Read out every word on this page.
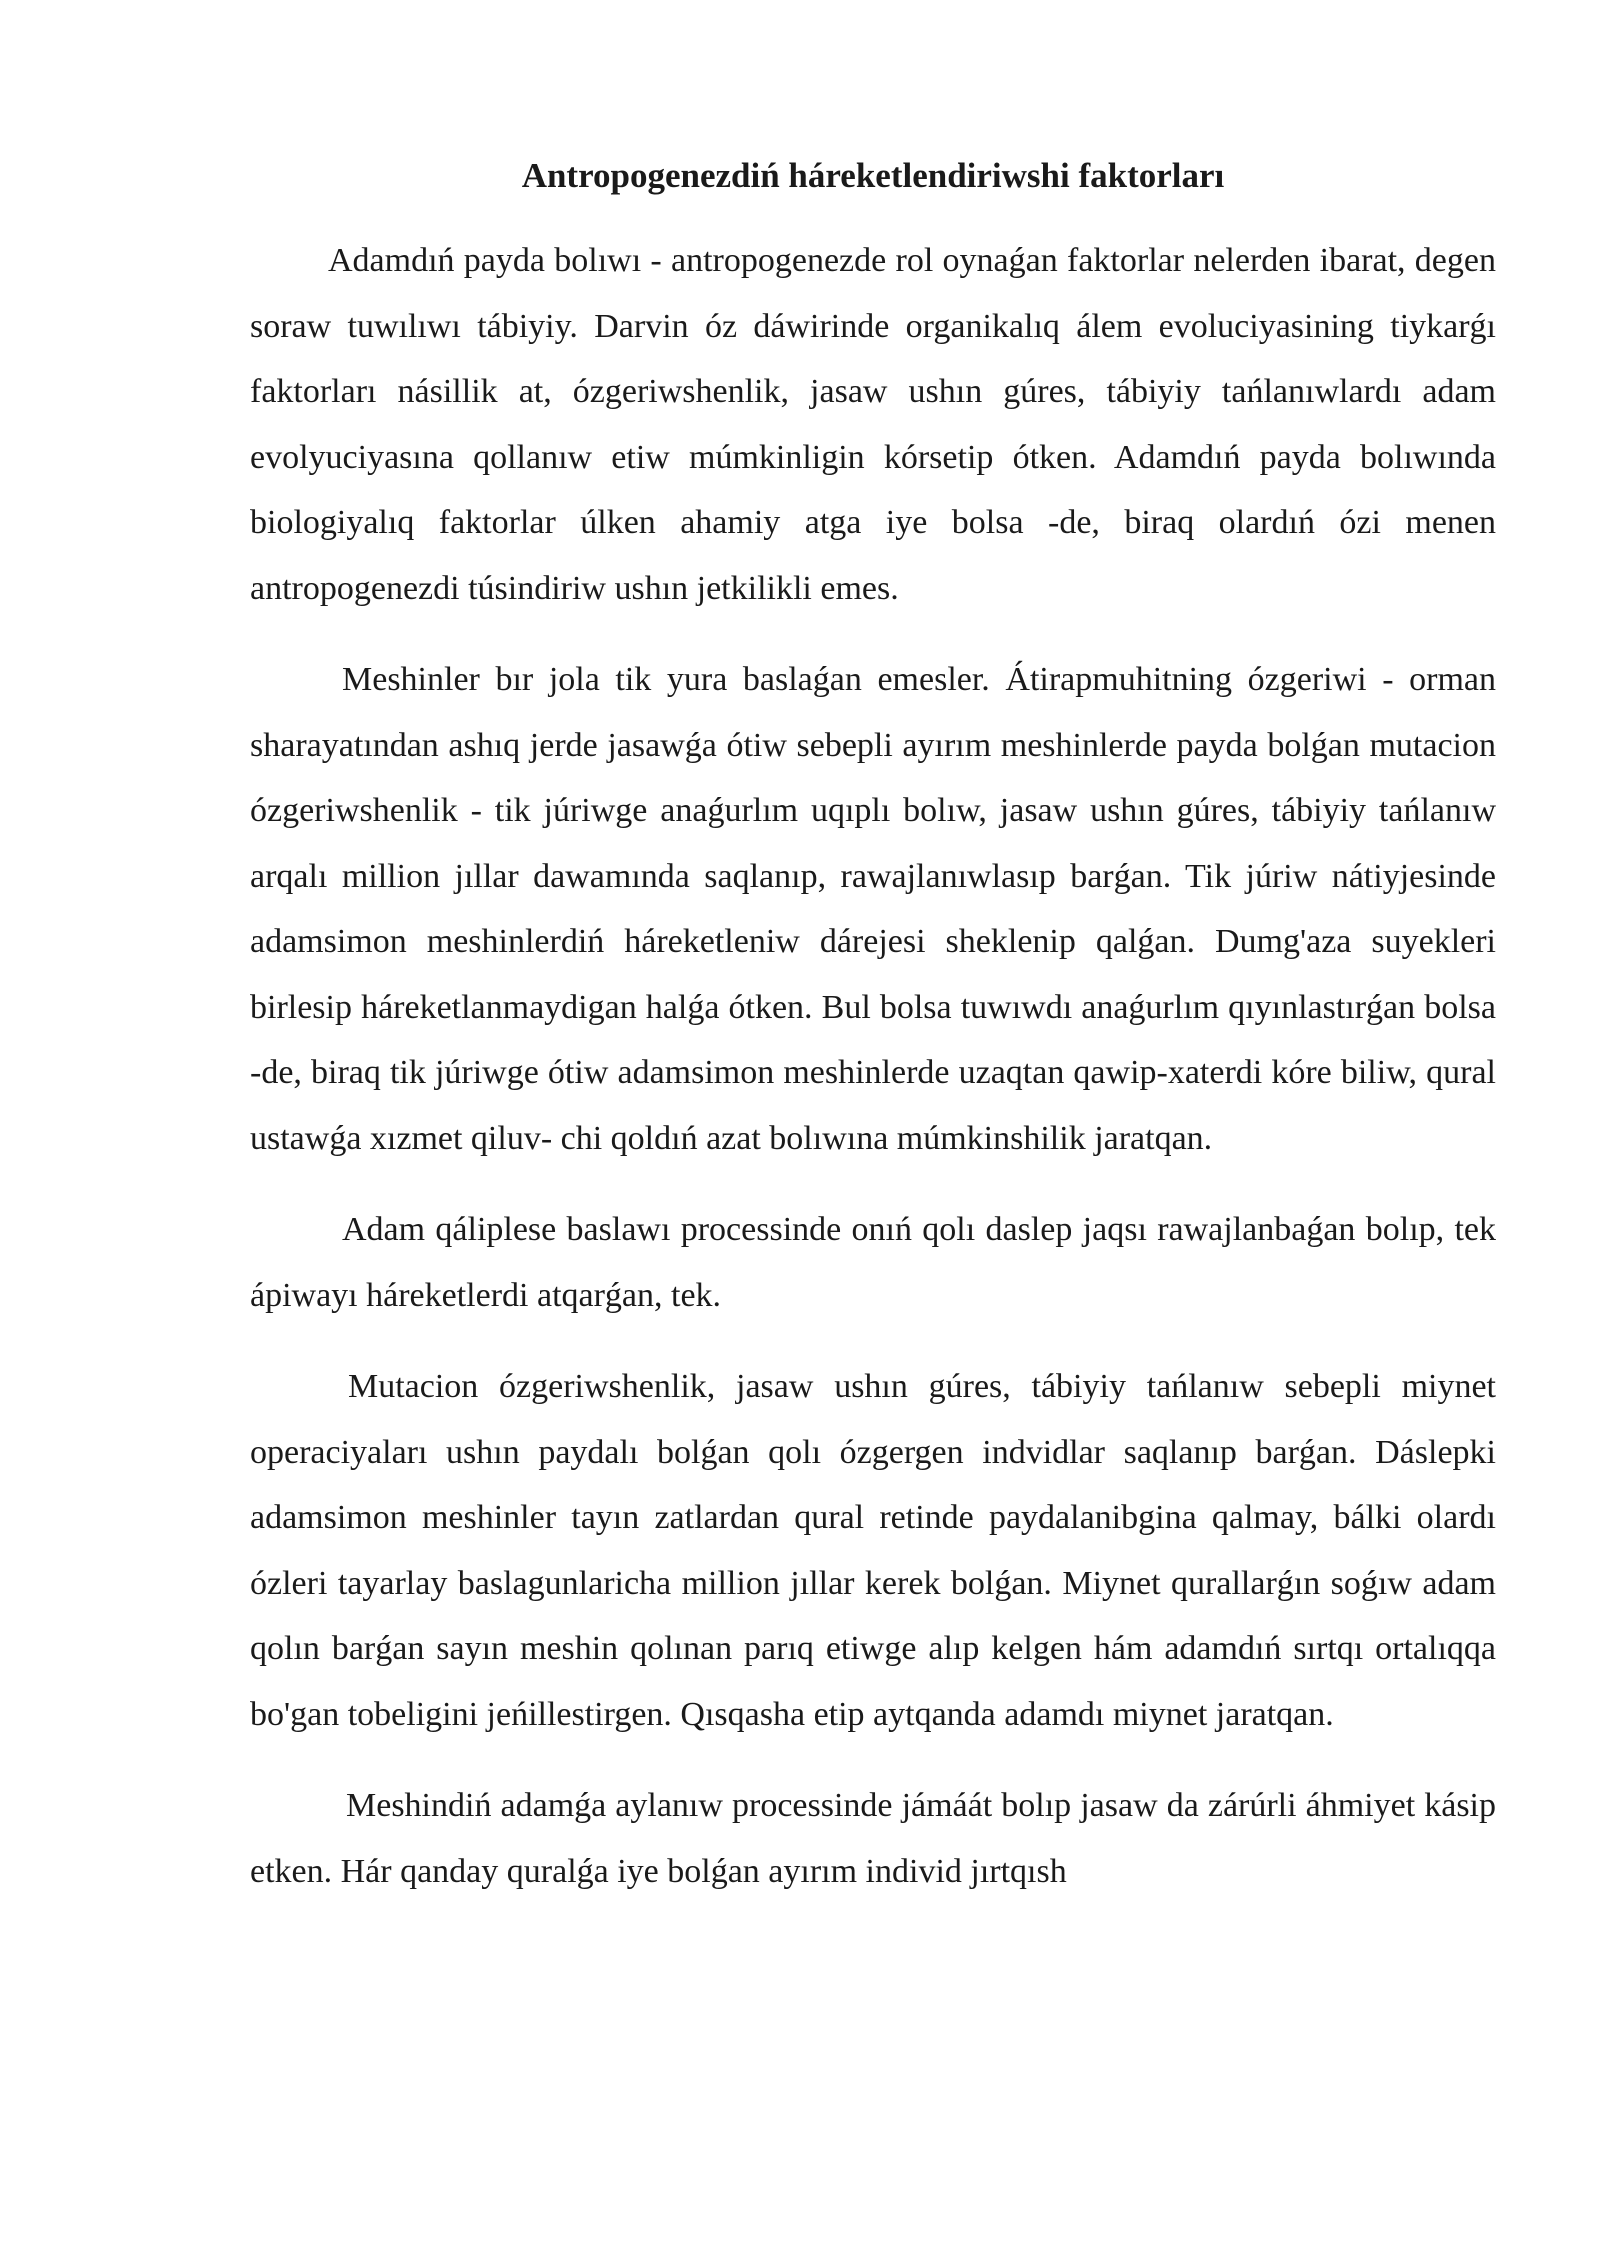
Antropogenezdiń háreketlendiriwshi faktorları

Adamdıń payda bolıwı - antropogenezde rol oynaǵan faktorlar nelerden ibarat, degen soraw tuwılıwı tábiyiy. Darvin óz dáwirinde organikalıq álem evoluciyasining tiykarǵı faktorları násillik at, ózgeriwshenlik, jasaw ushın gúres, tábiyiy tańlanıwlardı adam evolyuciyasına qollanıw etiw múmkinligin kórsetip ótken. Adamdıń payda bolıwında biologiyalıq faktorlar úlken ahamiy atga iye bolsa -de, biraq olardıń ózi menen antropogenezdi túsindiriw ushın jetkilikli emes.

Meshinler bır jola tik yura baslaǵan emesler. Átirapmuhitning ózgeriwi - orman sharayatından ashıq jerde jasawǵa ótiw sebepli ayırım meshinlerde payda bolǵan mutacion ózgeriwshenlik - tik júriwge anaǵurlım uqıplı bolıw, jasaw ushın gúres, tábiyiy tańlanıw arqalı million jıllar dawamında saqlanıp, rawajlanıwlasıp barǵan. Tik júriw nátiyjesinde adamsimon meshinlerdiń háreketleniw dárejesi sheklenip qalǵan. Dumg'aza suyekleri birlesip háreketlanmaydigan halǵa ótken. Bul bolsa tuwıwdı anaǵurlım qıyınlastırǵan bolsa -de, biraq tik júriwge ótiw adamsimon meshinlerde uzaqtan qawip-xaterdi kóre biliw, qural ustawǵa xızmet qiluv- chi qoldıń azat bolıwına múmkinshilik jaratqan.

Adam qáliplese baslawı processinde onıń qolı daslep jaqsı rawajlanbaǵan bolıp, tek ápiwayı háreketlerdi atqarǵan, tek.

Mutacion ózgeriwshenlik, jasaw ushın gúres, tábiyiy tańlanıw sebepli miynet operaciyaları ushın paydalı bolǵan qolı ózgergen indvidlar saqlanıp barǵan. Dáslepki adamsimon meshinler tayın zatlardan qural retinde paydalanibgina qalmay, bálki olardı ózleri tayarlay baslagunlaricha million jıllar kerek bolǵan. Miynet qurallarǵın soǵıw adam qolın barǵan sayın meshin qolınan parıq etiwge alıp kelgen hám adamdıń sırtqı ortalıqqa bo'gan tobeligini jeńillestirgen. Qısqasha etip aytqanda adamdı miynet jaratqan.

Meshindiń adamǵa aylanıw processinde jámáát bolıp jasaw da zárúrli áhmiyet kásip etken. Hár qanday quralǵa iye bolǵan ayırım individ jırtqısh
